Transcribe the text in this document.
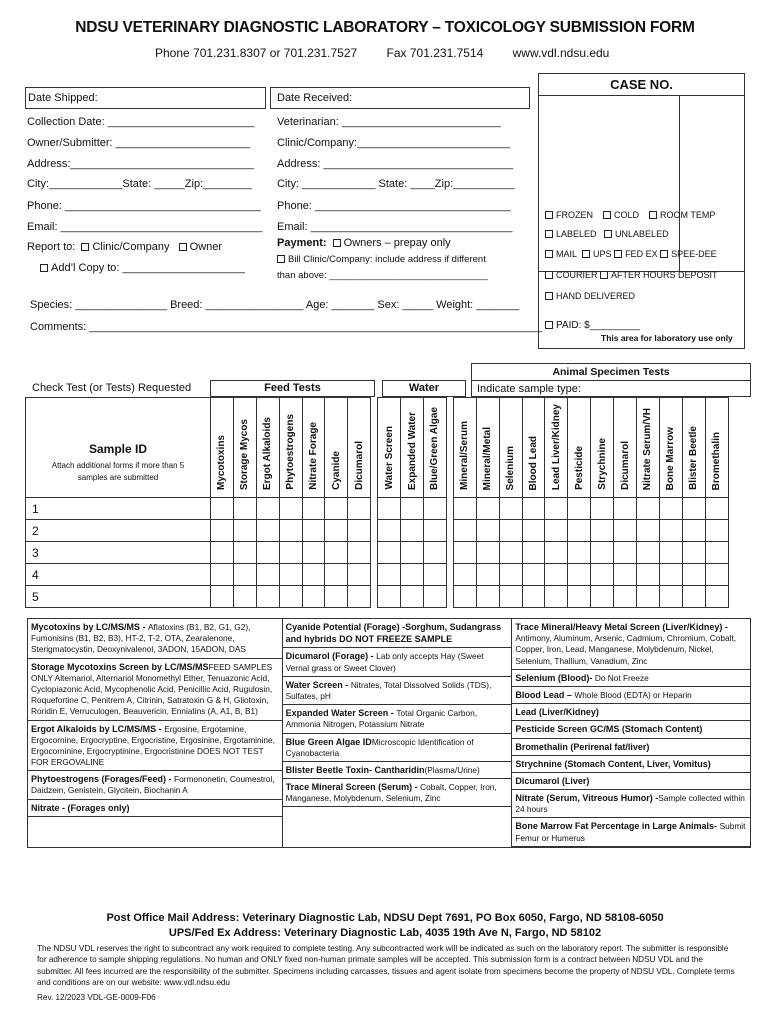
NDSU VETERINARY DIAGNOSTIC LABORATORY – TOXICOLOGY SUBMISSION FORM
Phone 701.231.8307 or 701.231.7527 Fax 701.231.7514 www.vdl.ndsu.edu
CASE NO.
FROZEN COLD ROOM TEMP
LABELED UNLABELED
MAIL UPS FED EX SPEE-DEE
COURIER AFTER HOURS DEPOSIT
HAND DELIVERED
PAID: $_________
This area for laboratory use only
Date Shipped:	Date Received:
Collection Date: ________________________
Owner/Submitter: ______________________
Address:______________________________
City:____________State: _____Zip:________
Phone: ________________________________
Email: _________________________________
Report to: Clinic/Company Owner
Add’l Copy to: ____________________
Veterinarian: __________________________
Clinic/Company:_________________________
Address: _______________________________
City: ____________ State: ____Zip:__________
Phone: ________________________________
Email: _________________________________
Payment: Owners – prepay only
Bill Clinic/Company: include address if different
than above: ______________________________
Species: _______________ Breed: ________________ Age: _______ Sex: _____ Weight: _______
Comments: __________________________________________________________________________
Animal Specimen Tests
Indicate sample type:
Check Test (or Tests) Requested	Feed Tests	Water
Sample ID
Attach additional forms if more than 5 samples are submitted	Mycotoxins	Storage Mycos	Ergot Alkaloids	Phytoestrogens	Nitrate Forage	Cyanide	Dicumarol		Water Screen	Expanded Water	Blue/Green Algae		Mineral/Serum	Mineral/Metal	Selenium	Blood Lead	Lead Liver/Kidney	Pesticide	Strychnine	Dicumarol	Nitrate Serum/VH	Bone Marrow	Blister Beetle	Bromethalin
1																								
2																								
3																								
4																								
5																								
Mycotoxins by LC/MS/MS - Aflatoxins (B1, B2, G1, G2), Fumonisins (B1, B2, B3), HT-2, T-2, OTA, Zearalenone, Sterigmatocystin, Deoxynivalenol, 3ADON, 15ADON, DAS
Storage Mycotoxins Screen by LC/MS/MSFEED SAMPLES ONLY Alternariol, Alternariol Monomethyl Ether, Tenuazonic Acid, Cyclopiazonic Acid, Mycophenolic Acid, Penicillic Acid, Rugulosin, Roquefortine C, Penitrem A, Citrinin, Satratoxin G & H, Gliotoxin, Roridin E, Verruculogen, Beauvericin, Enniatins (A, A1, B, B1)
Ergot Alkaloids by LC/MS/MS - Ergosine, Ergotamine, Ergocornine, Ergocryptine, Ergocristine, Ergosinine, Ergotaminine, Ergocorninine, Ergocryptinine, Ergocristinine DOES NOT TEST FOR ERGOVALINE
Phytoestrogens (Forages/Feed) - Formononetin, Coumestrol, Daidzein, Genistein, Glycitein, Biochanin A
Nitrate - (Forages only)

Cyanide Potential (Forage) -Sorghum, Sudangrass and hybrids DO NOT FREEZE SAMPLE
Dicumarol (Forage) - Lab only accepts Hay (Sweet Vernal grass or Sweet Clover)
Water Screen - Nitrates, Total Dissolved Solids (TDS), Sulfates, pH
Expanded Water Screen - Total Organic Carbon, Ammonia Nitrogen, Potassium Nitrate
Blue Green Algae IDMicroscopic Identification of Cyanobacteria
Blister Beetle Toxin- Cantharidin(Plasma/Urine)
Trace Mineral Screen (Serum) - Cobalt, Copper, Iron, Manganese, Molybdenum, Selenium, Zinc

Trace Mineral/Heavy Metal Screen (Liver/Kidney) - Antimony, Aluminum, Arsenic, Cadmium, Chromium, Cobalt, Copper, Iron, Lead, Manganese, Molybdenum, Nickel, Selenium, Thallium, Vanadium, Zinc
Selenium (Blood)- Do Not Freeze
Blood Lead – Whole Blood (EDTA) or Heparin
Lead (Liver/Kidney)
Pesticide Screen GC/MS (Stomach Content)
Bromethalin (Perirenal fat/liver)
Strychnine (Stomach Content, Liver, Vomitus)
Dicumarol (Liver)
Nitrate (Serum, Vitreous Humor) -Sample collected within 24 hours
Bone Marrow Fat Percentage in Large Animals- Submit Femur or Humerus
Post Office Mail Address: Veterinary Diagnostic Lab, NDSU Dept 7691, PO Box 6050, Fargo, ND 58108-6050
UPS/Fed Ex Address: Veterinary Diagnostic Lab, 4035 19th Ave N, Fargo, ND 58102
The NDSU VDL reserves the right to subcontract any work required to complete testing. Any subcontracted work will be indicated as such on the laboratory report. The submitter is responsible for adherence to sample shipping regulations. No human and ONLY fixed non-human primate samples will be accepted. This submission form is a contract between NDSU VDL and the submitter. All fees incurred are the responsibility of the submitter. Specimens including carcasses, tissues and agent isolate from specimens become the property of NDSU VDL. Complete terms and conditions are on our website: www.vdl.ndsu.edu
Rev. 12/2023 VDL-GE-0009-F06
